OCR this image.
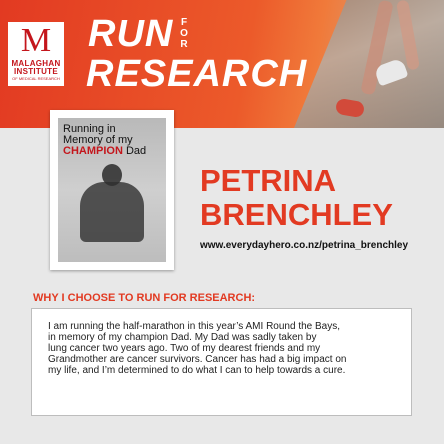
M
MALAGHAN
INSTITUTE
OF MEDICAL RESEARCH
RUN F
O
R
RESEARCH
Running in
Memory of my
CHAMPION Dad
PETRINA
BRENCHLEY
www.everydayhero.co.nz/petrina_brenchley
WHY I CHOOSE TO RUN FOR RESEARCH:
I am running the half-marathon in this year’s AMI Round the Bays,
in memory of my champion Dad. My Dad was sadly taken by
lung cancer two years ago. Two of my dearest friends and my
Grandmother are cancer survivors. Cancer has had a big impact on
my life, and I’m determined to do what I can to help towards a cure.
